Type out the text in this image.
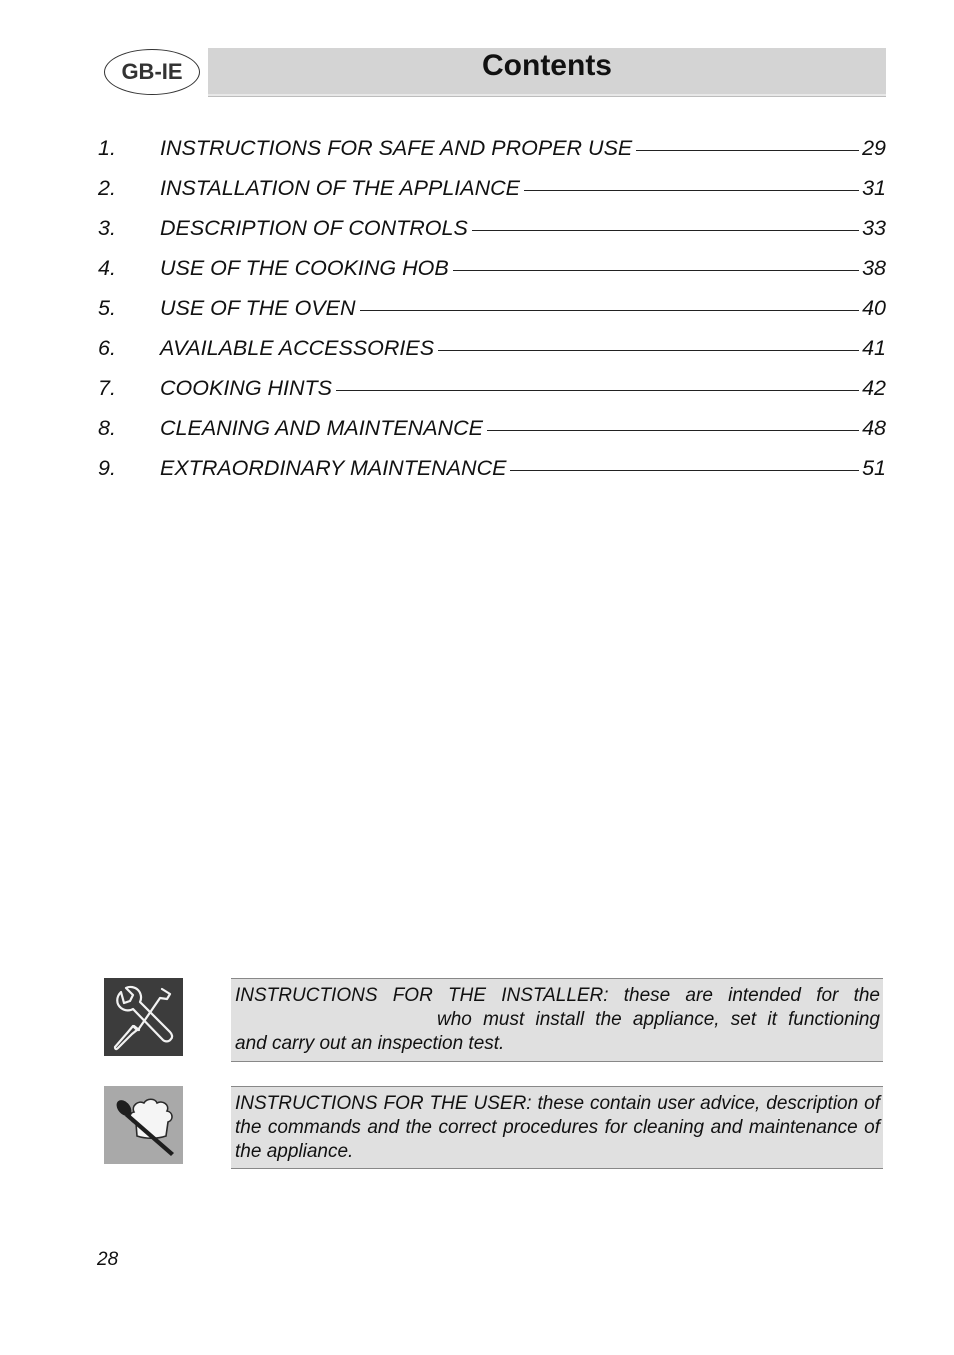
GB-IE	Contents
1. INSTRUCTIONS FOR SAFE AND PROPER USE	29
2. INSTALLATION OF THE APPLIANCE	31
3. DESCRIPTION OF CONTROLS	33
4. USE OF THE COOKING HOB	38
5. USE OF THE OVEN	40
6. AVAILABLE ACCESSORIES	41
7. COOKING HINTS	42
8. CLEANING AND MAINTENANCE	48
9. EXTRAORDINARY MAINTENANCE	51
INSTRUCTIONS FOR THE INSTALLER: these are intended for the
who must install the appliance, set it functioning
and carry out an inspection test.
INSTRUCTIONS FOR THE USER: these contain user advice, description of the commands and the correct procedures for cleaning and maintenance of the appliance.
28
